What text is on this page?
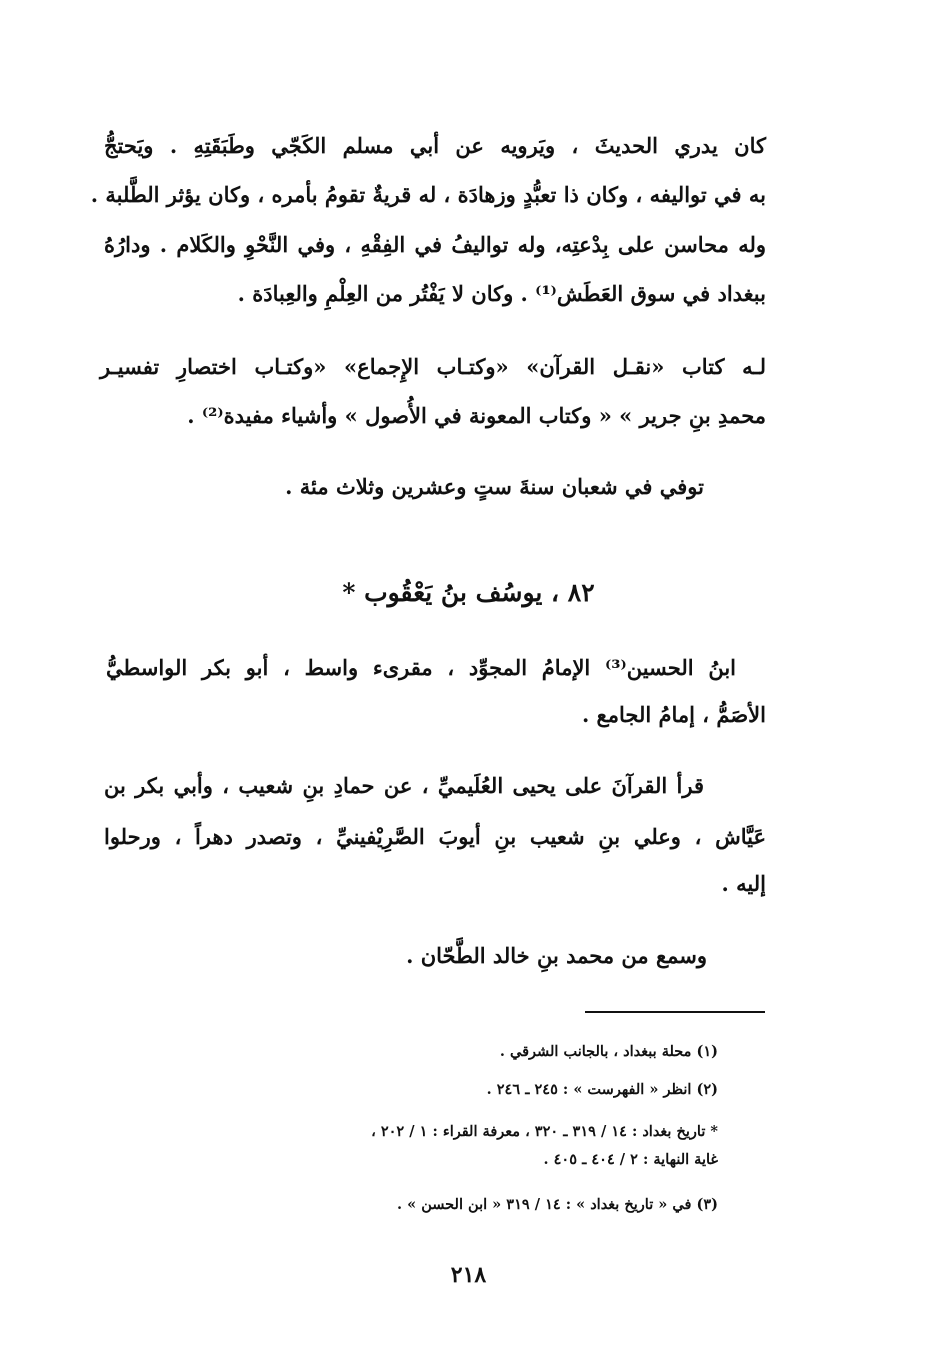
كان يدري الحديثَ ، ويَرويه عن أبي مسلم الكَجّي وطَبَقَتِهِ . ويَحتجُّ
به في تواليفه ، وكان ذا تعبُّدٍ وزهادَة ، له قريةٌ تقومُ بأمره ، وكان يؤثر الطَّلبة .
وله محاسن على بِدْعتِه، وله تواليفُ في الفِقْهِ ، وفي النَّحْوِ والكَلام . ودارُهُ
ببغداد في سوق العَطَش⁽¹⁾ . وكان لا يَفْتُر من العِلْمِ والعِبادَة .
لـه كتاب «نقـل القرآن» «وكتـاب الإِجماع» «وكتـاب اختصارِ تفسيـر
محمدِ بنِ جرير » « وكتاب المعونة في الأُصول » وأشياء مفيدة⁽²⁾ .
توفي في شعبان سنةَ ستٍ وعشرين وثلاث مئة .
٨٢ ، يوسُف بنُ يَعْقُوب *
ابنُ الحسين⁽³⁾ الإمامُ المجوِّد ، مقرىء واسط ، أبو بكر الواسطيُّ
الأصَمُّ ، إمامُ الجامع .
قرأ القرآنَ على يحيى العُلَيميِّ ، عن حمادِ بنِ شعيب ، وأبي بكر بن
عَيَّاش ، وعلي بنِ شعيب بنِ أيوبَ الصَّرِيْفينيِّ ، وتصدر دهراً ، ورحلوا
إليه .
وسمع من محمد بنِ خالد الطَّحّان .
(١) محلة ببغداد ، بالجانب الشرقي .
(٢) انظر « الفهرست » : ٢٤٥ ـ ٢٤٦ .
* تاريخ بغداد : ١٤ / ٣١٩ ـ ٣٢٠ ، معرفة القراء : ١ / ٢٠٢ ،
غاية النهاية : ٢ / ٤٠٤ ـ ٤٠٥ .
(٣) في « تاريخ بغداد » : ١٤ / ٣١٩ « ابن الحسن » .
٢١٨
